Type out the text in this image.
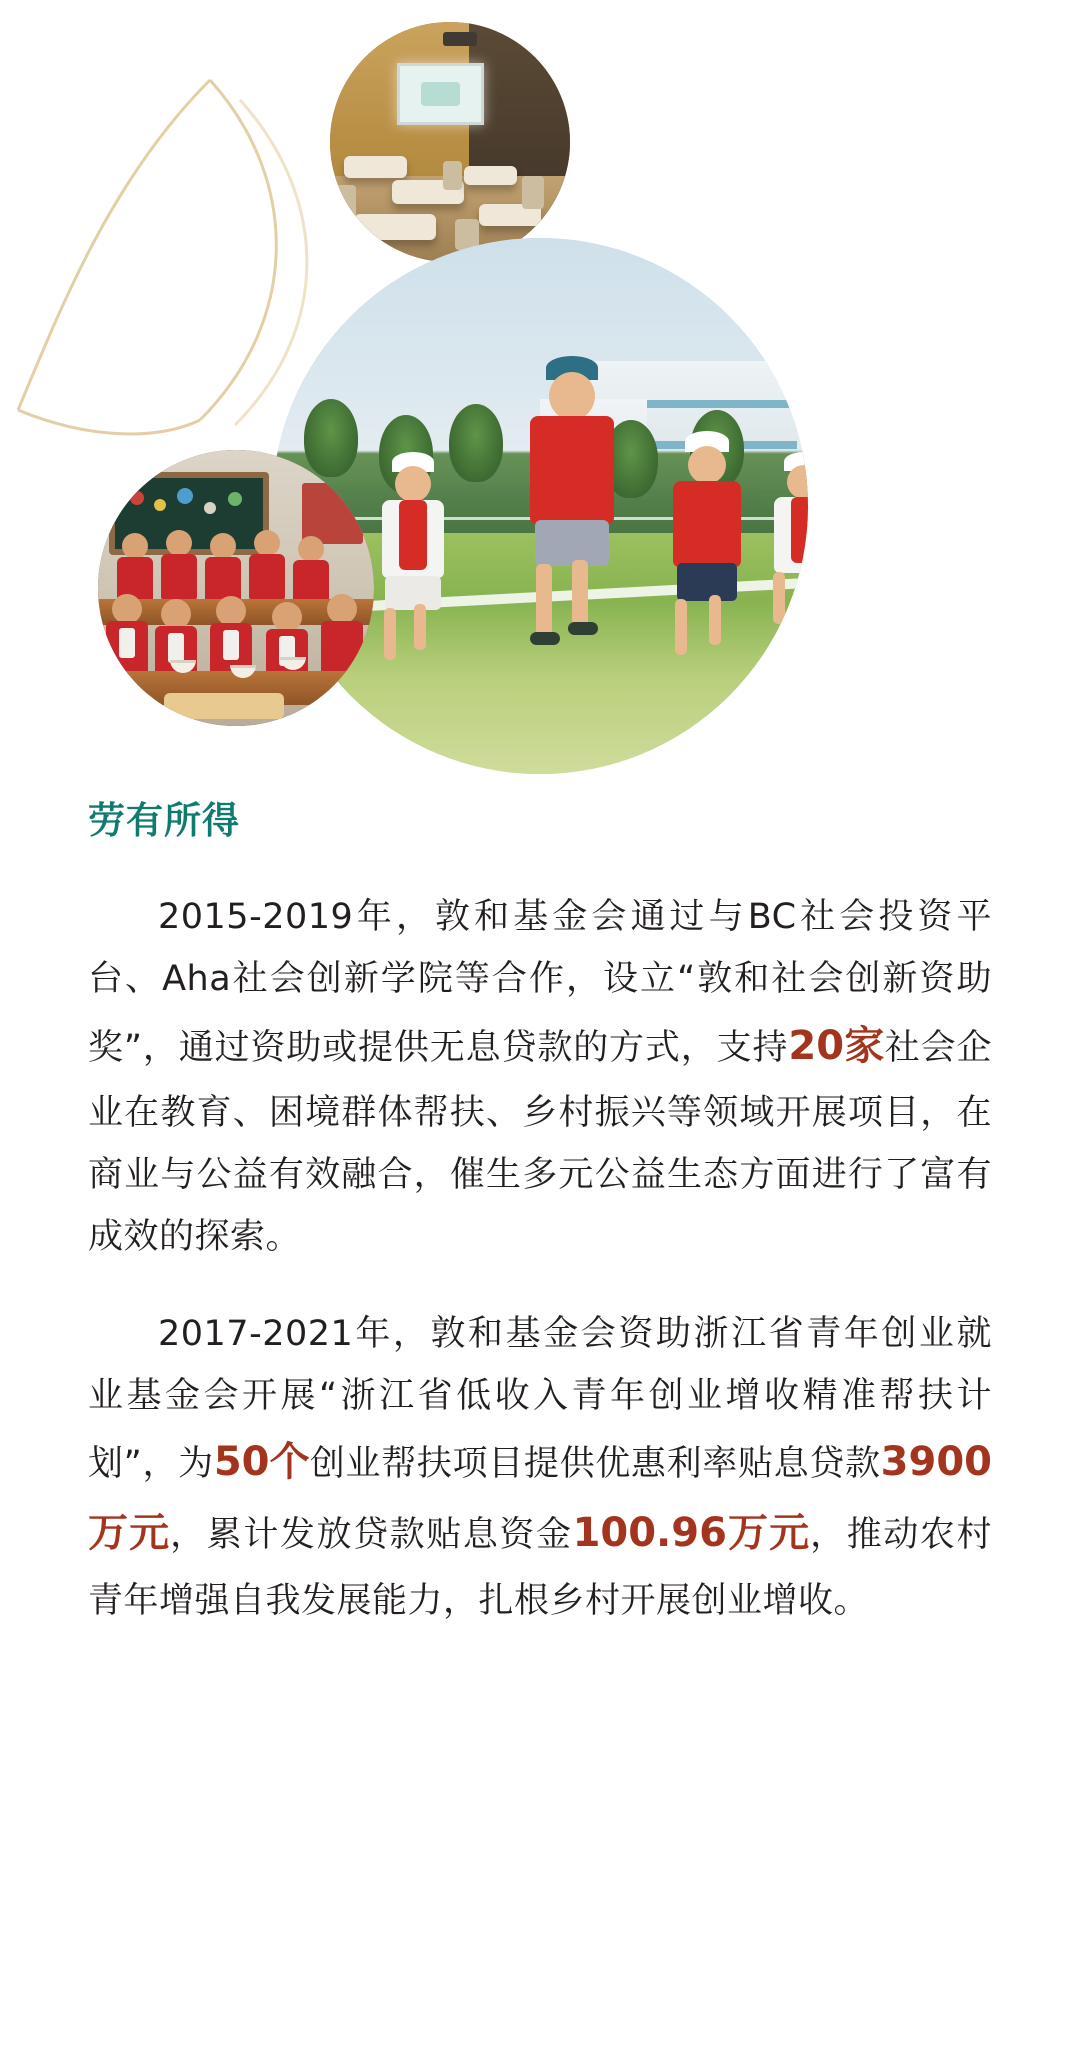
劳有所得
2015-2019年，敦和基金会通过与BC社会投资平台、Aha社会创新学院等合作，设立“敦和社会创新资助奖”，通过资助或提供无息贷款的方式，支持20家社会企业在教育、困境群体帮扶、乡村振兴等领域开展项目，在商业与公益有效融合，催生多元公益生态方面进行了富有成效的探索。
2017-2021年，敦和基金会资助浙江省青年创业就业基金会开展“浙江省低收入青年创业增收精准帮扶计划”，为50个创业帮扶项目提供优惠利率贴息贷款3900万元，累计发放贷款贴息资金100.96万元，推动农村青年增强自我发展能力，扎根乡村开展创业增收。
